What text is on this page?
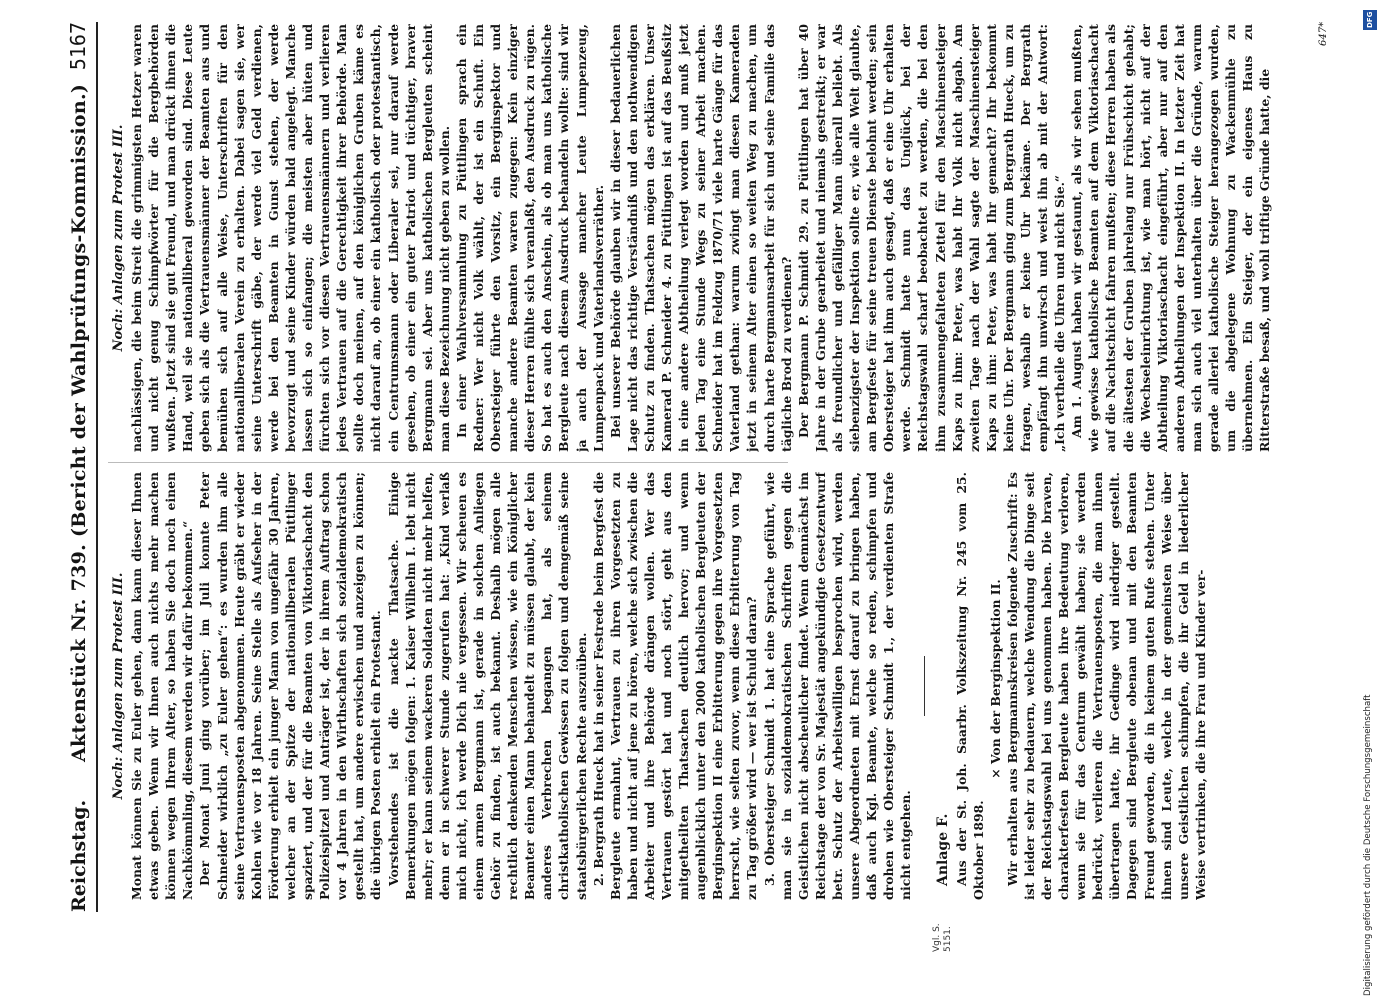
Reichstag.
Aktenstück Nr. 739. (Bericht der Wahlprüfungs-Kommission.)
5167
Vgl. S. 5151.
Noch: Anlagen zum Protest III. Monat können Sie zu Euler gehen, dann kann dieser Ihnen etwas geben. Wenn wir Ihnen auch nichts mehr machen können wegen Ihrem Alter, so haben Sie doch noch einen Nachkömmling, diesem werden wir dafür bekommen.“ Der Monat Juni ging vorüber; im Juli konnte Peter Schneider wirklich „zu Euler gehen“: es wurden ihm alle seine Vertrauensposten abgenommen. Heute gräbt er wieder Kohlen wie vor 18 Jahren. Seine Stelle als Aufseher in der Förderung erhielt ein junger Mann von ungefähr 30 Jahren, welcher an der Spitze der nationalliberalen Püttlinger spaziert, und der für die Beamten von Viktoriaschacht den Polizeispitzel und Anträger ist, der in ihrem Auftrag schon vor 4 Jahren in den Wirthschaften sich sozialdemokratisch gestellt hat, um andere erwischen und anzeigen zu können; die übrigen Posten erhielt ein Protestant. Vorstehendes ist die nackte Thatsache. Einige Bemerkungen mögen folgen: 1. Kaiser Wilhelm I. lebt nicht mehr; er kann seinem wackeren Soldaten nicht mehr helfen, denn er in schwerer Stunde zugerufen hat: „Kind verlaß mich nicht, ich werde Dich nie vergessen. Wir scheuen es einem armen Bergmann ist, gerade in solchen Anliegen Gehör zu finden, ist auch bekannt. Deshalb mögen alle rechtlich denkenden Menschen wissen, wie ein Königlicher Beamter einen Mann behandelt zu müssen glaubt, der kein anderes Verbrechen begangen hat, als seinem christkatholischen Gewissen zu folgen und demgemäß seine staatsbürgerlichen Rechte auszuüben. 2. Bergrath Hueck hat in seiner Festrede beim Bergfest die Bergleute ermahnt, Vertrauen zu ihren Vorgesetzten zu haben und nicht auf jene zu hören, welche sich zwischen die Arbeiter und ihre Behörde drängen wollen. Wer das Vertrauen gestört hat und noch stört, geht aus den mitgetheilten Thatsachen deutlich hervor; und wenn augenblicklich unter den 2000 katholischen Bergleuten der Berginspektion II eine Erbitterung gegen ihre Vorgesetzten herrscht, wie selten zuvor, wenn diese Erbitterung von Tag zu Tag größer wird — wer ist Schuld daran? 3. Obersteiger Schmidt 1. hat eine Sprache geführt, wie man sie in sozialdemokratischen Schriften gegen die Geistlichen nicht abscheulicher findet. Wenn demnächst im Reichstage der von Sr. Majestät angekündigte Gesetzentwurf betr. Schutz der Arbeitswilligen besprochen wird, werden unsere Abgeordneten mit Ernst darauf zu bringen haben, daß auch Kgl. Beamte, welche so reden, schimpfen und drohen wie Obersteiger Schmidt 1., der verdienten Strafe nicht entgehen. Anlage F. Aus der St. Joh. Saarbr. Volkszeitung Nr. 245 vom 25. Oktober 1898.

× Von der Berginspektion II. Wir erhalten aus Bergmannskreisen folgende Zuschrift: Es ist leider sehr zu bedauern, welche Wendung die Dinge seit der Reichstagswahl bei uns genommen haben. Die braven, charakterfesten Bergleute haben ihre Bedeutung verloren, wenn sie für das Centrum gewählt haben; sie werden bedrückt, verlieren die Vertrauensposten, die man ihnen übertragen hatte, ihr Gedinge wird niedriger gestellt. Dagegen sind Bergleute obenan und mit den Beamten Freund geworden, die in keinem guten Rufe stehen. Unter ihnen sind Leute, welche in der gemeinsten Weise über unsere Geistlichen schimpfen, die ihr Geld in liederlicher Weise vertrinken, die ihre Frau und Kinder ver-

Noch: Anlagen zum Protest III. nachlässigen, die beim Streit die grimmigsten Hetzer waren und nicht genug Schimpfwörter für die Bergbehörden wußten. Jetzt sind sie gut Freund, und man drückt ihnen die Hand, weil sie nationalliberal geworden sind. Diese Leute geben sich als die Vertrauensmänner der Beamten aus und bemühen sich auf alle Weise, Unterschriften für den nationalliberalen Verein zu erhalten. Dabei sagen sie, wer seine Unterschrift gäbe, der werde viel Geld verdienen, werde bei den Beamten in Gunst stehen, der werde bevorzugt und seine Kinder würden bald angelegt. Manche lassen sich so einfangen; die meisten aber hüten und fürchten sich vor diesen Vertrauensmännern und verlieren jedes Vertrauen auf die Gerechtigkeit ihrer Behörde. Man sollte doch meinen, auf den königlichen Gruben käme es nicht darauf an, ob einer ein katholisch oder protestantisch, ein Centrumsmann oder Liberaler sei, nur darauf werde gesehen, ob einer ein guter Patriot und tüchtiger, braver Bergmann sei. Aber uns katholischen Bergleuten scheint man diese Bezeichnung nicht geben zu wollen. In einer Wahlversammlung zu Püttlingen sprach ein Redner: Wer nicht Volk wählt, der ist ein Schuft. Ein Obersteiger führte den Vorsitz, ein Berginspektor und manche andere Beamten waren zugegen: Kein einziger dieser Herren fühlte sich veranlaßt, den Ausdruck zu rügen. So hat es auch den Anschein, als ob man uns katholische Bergleute nach diesem Ausdruck behandeln wollte: sind wir ja auch der Aussage mancher Leute Lumpenzeug, Lumpenpack und Vaterlandsverräther. Bei unserer Behörde glauben wir in dieser bedauerlichen Lage nicht das richtige Verständniß und den nothwendigen Schutz zu finden. Thatsachen mögen das erklären. Unser Kamerad P. Schneider 4. zu Püttlingen ist auf das Beußsitz in eine andere Abtheilung verlegt worden und muß jetzt jeden Tag eine Stunde Wegs zu seiner Arbeit machen. Schneider hat im Feldzug 1870/71 viele harte Gänge für das Vaterland gethan: warum zwingt man diesen Kameraden jetzt in seinem Alter einen so weiten Weg zu machen, um durch harte Bergmannsarbeit für sich und seine Familie das tägliche Brod zu verdienen? Der Bergmann P. Schmidt 29. zu Püttlingen hat über 40 Jahre in der Grube gearbeitet und niemals gestreikt; er war als freundlicher und gefälliger Mann überall beliebt. Als siebenzigster der Inspektion sollte er, wie alle Welt glaubte, am Bergfeste für seine treuen Dienste belohnt werden; sein Obersteiger hat ihm auch gesagt, daß er eine Uhr erhalten werde. Schmidt hatte nun das Unglück, bei der Reichstagswahl scharf beobachtet zu werden, die bei den ihm zusammengefalteten Zettel für den Maschinensteiger Kaps zu ihm: Peter, was habt Ihr Volk nicht abgab. Am zweiten Tage nach der Wahl sagte der Maschinensteiger Kaps zu ihm: Peter, was habt Ihr gemacht? Ihr bekommt keine Uhr. Der Bergmann ging zum Bergrath Hueck, um zu fragen, weshalb er keine Uhr bekäme. Der Bergrath empfängt ihn unwirsch und weist ihn ab mit der Antwort: „Ich vertheile die Uhren und nicht Sie.“ Am 1. August haben wir gestaunt, als wir sehen mußten, wie gewisse katholische Beamten auf dem Viktoriaschacht auf die Nachtschicht fahren mußten; diese Herren haben als die ältesten der Gruben jahrelang nur Frühschicht gehabt; die Wechseleinrichtung ist, wie man hört, nicht auf der Abtheilung Viktoriaschacht eingeführt, aber nur auf den anderen Abtheilungen der Inspektion II. In letzter Zeit hat man sich auch viel unterhalten über die Gründe, warum gerade allerlei katholische Steiger herangezogen wurden, um die abgelegene Wohnung zu Wackenmühle zu übernehmen. Ein Steiger, der ein eigenes Haus zu Ritterstraße besaß, und wohl triftige Gründe hatte, die

647*
DFG
Digitalisierung gefördert durch die Deutsche Forschungsgemeinschaft
